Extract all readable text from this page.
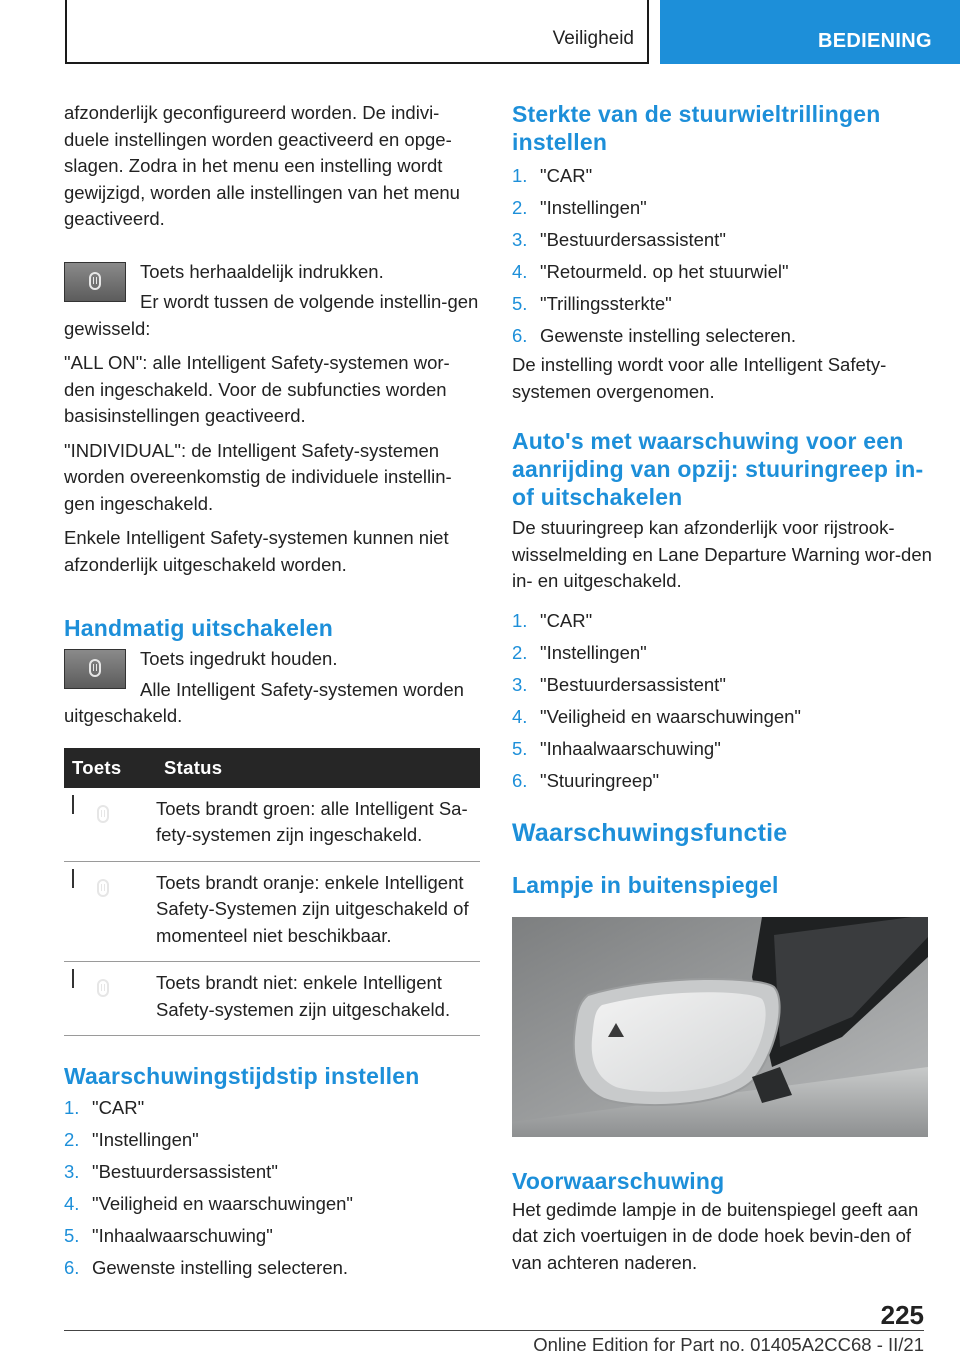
Veiligheid	BEDIENING

afzonderlijk geconfigureerd worden. De indivi-duele instellingen worden geactiveerd en opge-slagen. Zodra in het menu een instelling wordt gewijzigd, worden alle instellingen van het menu geactiveerd.

Toets herhaaldelijk indrukken.

Er wordt tussen de volgende instellin-gen gewisseld:

"ALL ON": alle Intelligent Safety-systemen wor-den ingeschakeld. Voor de subfuncties worden basisinstellingen geactiveerd.

"INDIVIDUAL": de Intelligent Safety-systemen worden overeenkomstig de individuele instellin-gen ingeschakeld.

Enkele Intelligent Safety-systemen kunnen niet afzonderlijk uitgeschakeld worden.

Handmatig uitschakelen

Toets ingedrukt houden.

Alle Intelligent Safety-systemen worden uitgeschakeld.

Toets	Status
	Toets brandt groen: alle Intelligent Sa-fety-systemen zijn ingeschakeld.
	Toets brandt oranje: enkele Intelligent Safety-Systemen zijn uitgeschakeld of momenteel niet beschikbaar.
	Toets brandt niet: enkele Intelligent Safety-systemen zijn uitgeschakeld.
Waarschuwingstijdstip instellen
1. "CAR"
2. "Instellingen"
3. "Bestuurdersassistent"
4. "Veiligheid en waarschuwingen"
5. "Inhaalwaarschuwing"
6. Gewenste instelling selecteren.
Sterkte van de stuurwieltrillingen instellen
1. "CAR"
2. "Instellingen"
3. "Bestuurdersassistent"
4. "Retourmeld. op het stuurwiel"
5. "Trillingssterkte"
6. Gewenste instelling selecteren.

De instelling wordt voor alle Intelligent Safety-systemen overgenomen.

Auto's met waarschuwing voor een aanrijding van opzij: stuuringreep in- of uitschakelen

De stuuringreep kan afzonderlijk voor rijstrook-wisselmelding en Lane Departure Warning wor-den in- en uitgeschakeld.

1. "CAR"
2. "Instellingen"
3. "Bestuurdersassistent"
4. "Veiligheid en waarschuwingen"
5. "Inhaalwaarschuwing"
6. "Stuuringreep"
Waarschuwingsfunctie
Lampje in buitenspiegel
Voorwaarschuwing

Het gedimde lampje in de buitenspiegel geeft aan dat zich voertuigen in de dode hoek bevin-den of van achteren naderen.

225
Online Edition for Part no. 01405A2CC68 - II/21
